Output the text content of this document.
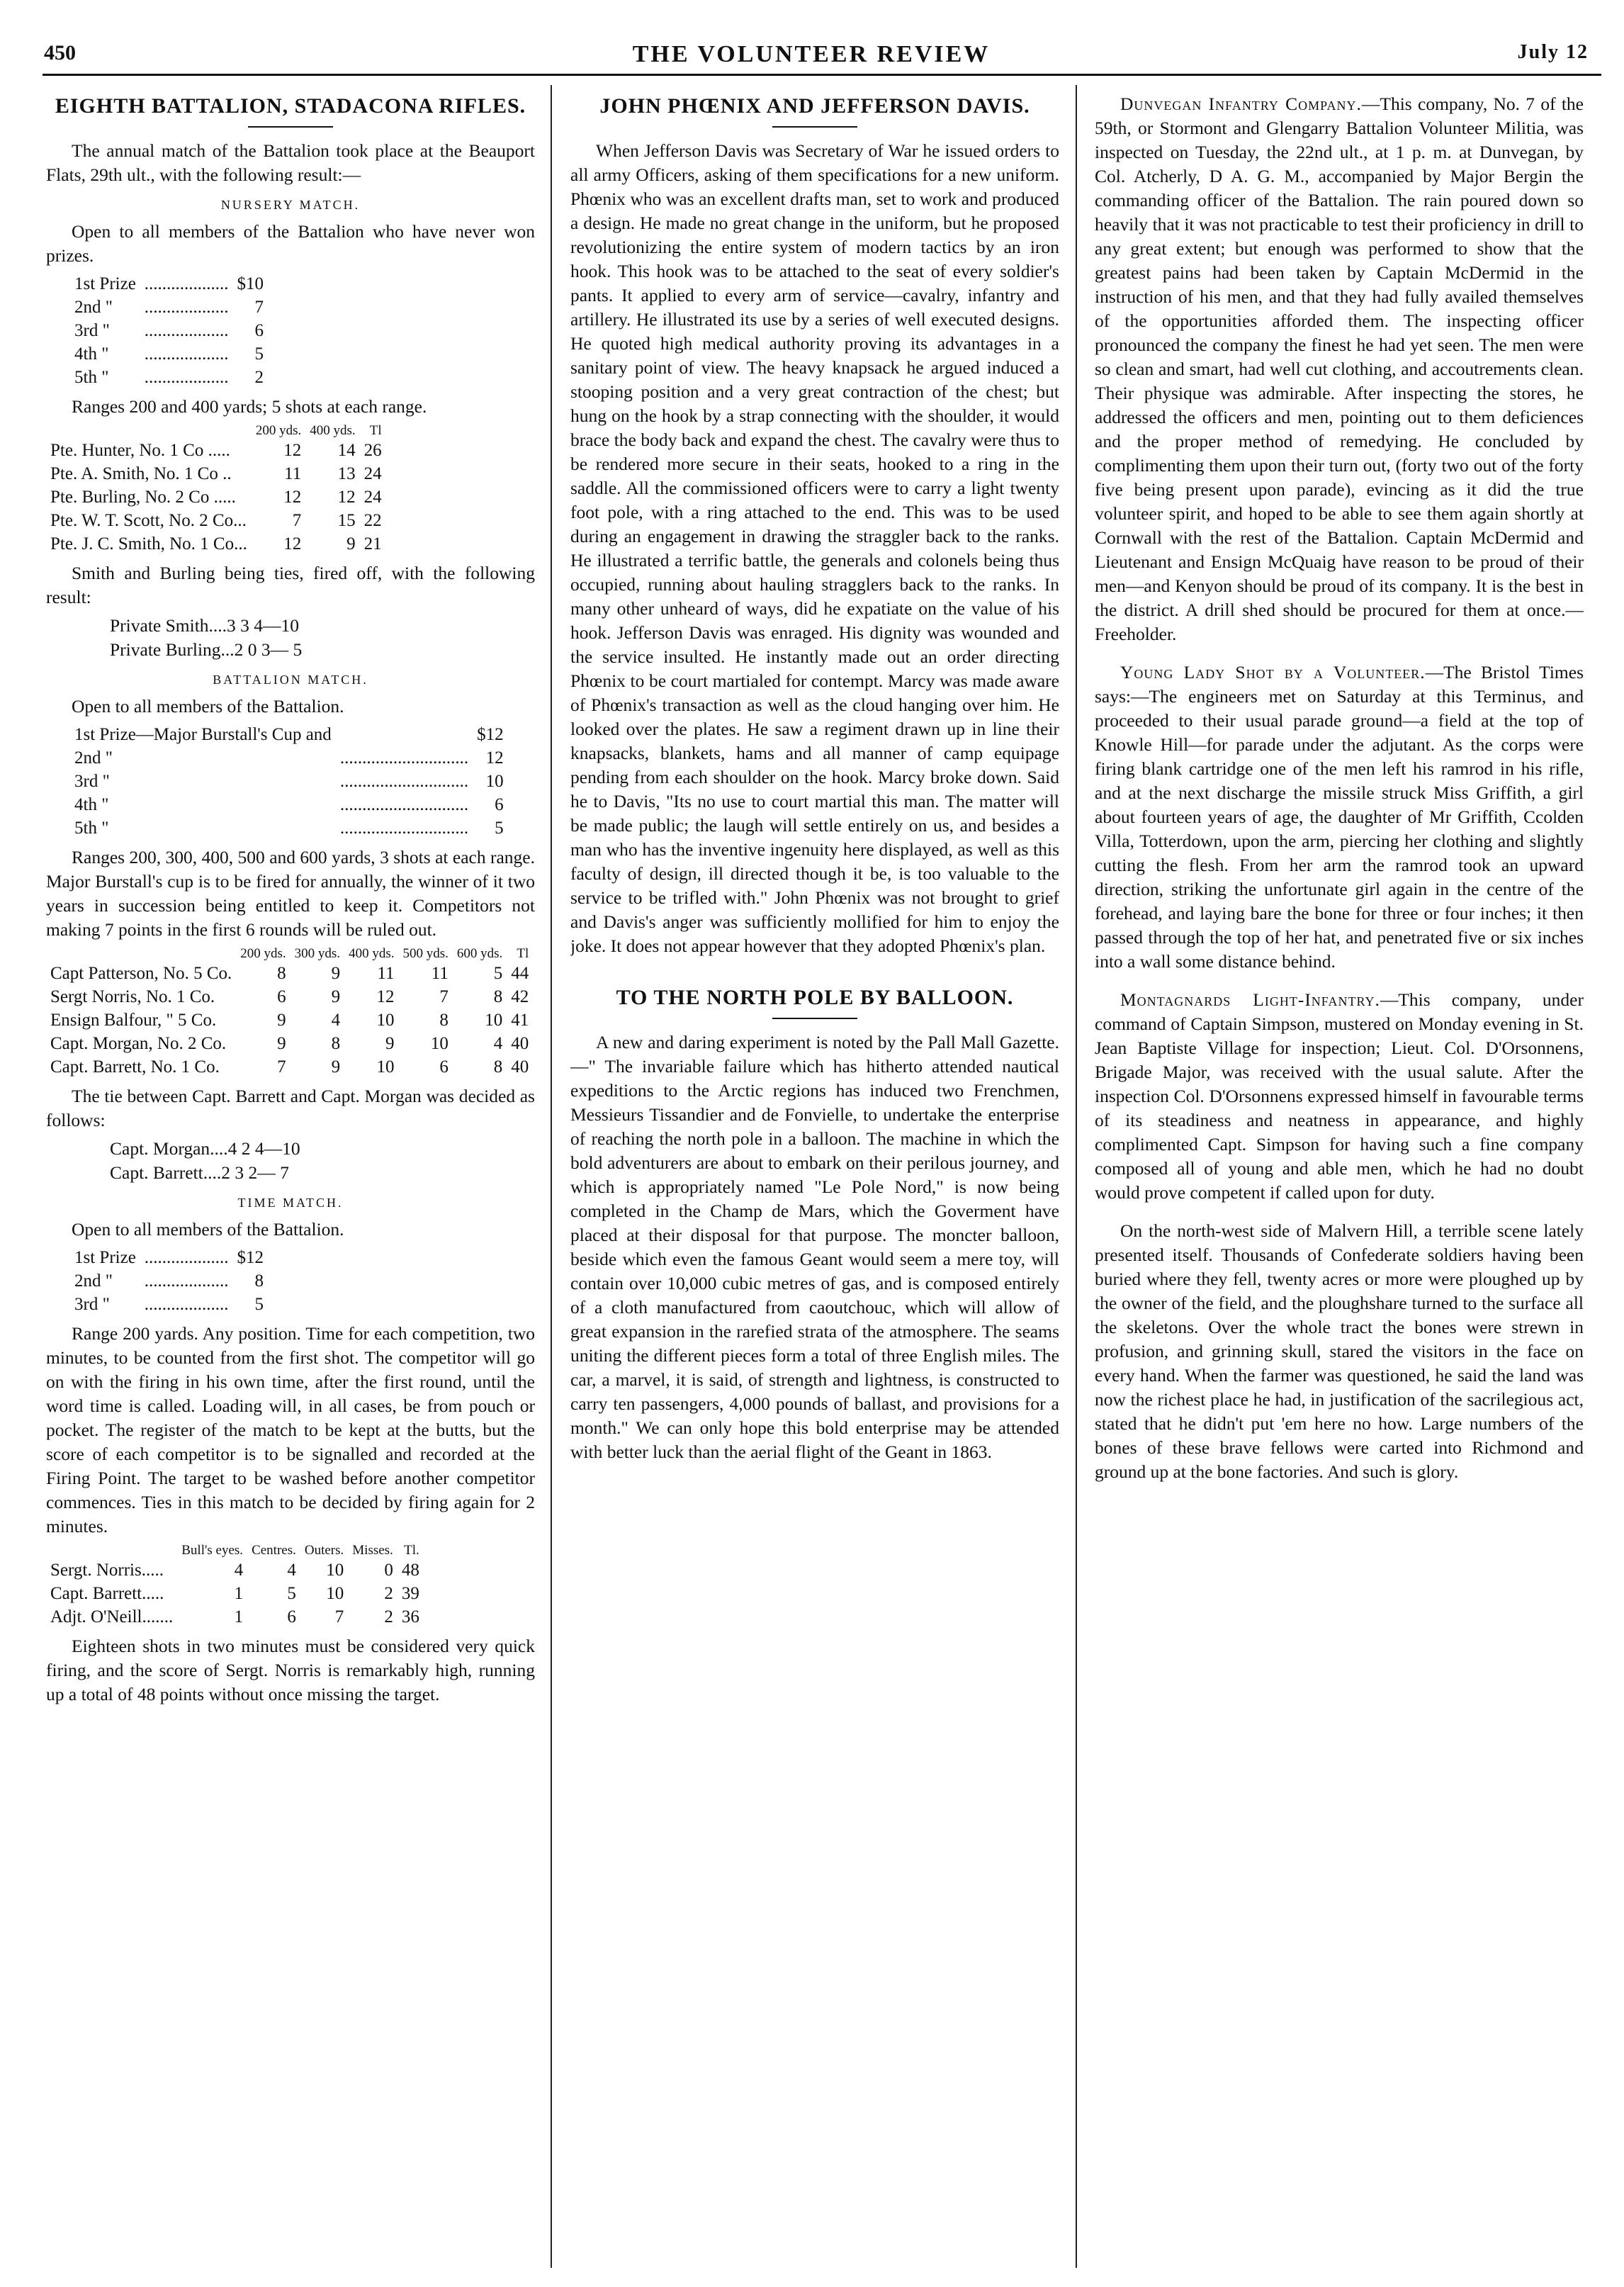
450	THE VOLUNTEER REVIEW	July 12
EIGHTH BATTALION, STADACONA RIFLES.

The annual match of the Battalion took place at the Beauport Flats, 29th ult., with the following result:—

NURSERY MATCH.

Open to all members of the Battalion who have never won prizes.

1st Prize	...................	$10
2nd "	...................	7
3rd "	...................	6
4th "	...................	5
5th "	...................	2

Ranges 200 and 400 yards; 5 shots at each range.

	200 yds.	400 yds.	Tl
Pte. Hunter, No. 1 Co .....	12	14	26
Pte. A. Smith, No. 1 Co ..	11	13	24
Pte. Burling, No. 2 Co .....	12	12	24
Pte. W. T. Scott, No. 2 Co...	7	15	22
Pte. J. C. Smith, No. 1 Co...	12	9	21

Smith and Burling being ties, fired off, with the following result:

Private Smith....3 3 4—10
Private Burling...2 0 3— 5
BATTALION MATCH.

Open to all members of the Battalion.

1st Prize—Major Burstall's Cup and		$12
2nd "	.............................	12
3rd "	.............................	10
4th "	.............................	6
5th "	.............................	5

Ranges 200, 300, 400, 500 and 600 yards, 3 shots at each range. Major Burstall's cup is to be fired for annually, the winner of it two years in succession being entitled to keep it. Competitors not making 7 points in the first 6 rounds will be ruled out.

	200 yds.	300 yds.	400 yds.	500 yds.	600 yds.	Tl
Capt Patterson, No. 5 Co.	8	9	11	11	5	44
Sergt Norris, No. 1 Co.	6	9	12	7	8	42
Ensign Balfour, " 5 Co.	9	4	10	8	10	41
Capt. Morgan, No. 2 Co.	9	8	9	10	4	40
Capt. Barrett, No. 1 Co.	7	9	10	6	8	40

The tie between Capt. Barrett and Capt. Morgan was decided as follows:

Capt. Morgan....4 2 4—10
Capt. Barrett....2 3 2— 7
TIME MATCH.

Open to all members of the Battalion.

1st Prize	...................	$12
2nd "	...................	8
3rd "	...................	5

Range 200 yards. Any position. Time for each competition, two minutes, to be counted from the first shot. The competitor will go on with the firing in his own time, after the first round, until the word time is called. Loading will, in all cases, be from pouch or pocket. The register of the match to be kept at the butts, but the score of each competitor is to be signalled and recorded at the Firing Point. The target to be washed before another competitor commences. Ties in this match to be decided by firing again for 2 minutes.

	Bull's eyes.	Centres.	Outers.	Misses.	Tl.
Sergt. Norris.....	4	4	10	0	48
Capt. Barrett.....	1	5	10	2	39
Adjt. O'Neill.......	1	6	7	2	36

Eighteen shots in two minutes must be considered very quick firing, and the score of Sergt. Norris is remarkably high, running up a total of 48 points without once missing the target.

JOHN PHŒNIX AND JEFFERSON DAVIS.

When Jefferson Davis was Secretary of War he issued orders to all army Officers, asking of them specifications for a new uniform. Phœnix who was an excellent drafts man, set to work and produced a design. He made no great change in the uniform, but he proposed revolutionizing the entire system of modern tactics by an iron hook. This hook was to be attached to the seat of every soldier's pants. It applied to every arm of service—cavalry, infantry and artillery. He illustrated its use by a series of well executed designs. He quoted high medical authority proving its advantages in a sanitary point of view. The heavy knapsack he argued induced a stooping position and a very great contraction of the chest; but hung on the hook by a strap connecting with the shoulder, it would brace the body back and expand the chest. The cavalry were thus to be rendered more secure in their seats, hooked to a ring in the saddle. All the commissioned officers were to carry a light twenty foot pole, with a ring attached to the end. This was to be used during an engagement in drawing the straggler back to the ranks. He illustrated a terrific battle, the generals and colonels being thus occupied, running about hauling stragglers back to the ranks. In many other unheard of ways, did he expatiate on the value of his hook. Jefferson Davis was enraged. His dignity was wounded and the service insulted. He instantly made out an order directing Phœnix to be court martialed for contempt. Marcy was made aware of Phœnix's transaction as well as the cloud hanging over him. He looked over the plates. He saw a regiment drawn up in line their knapsacks, blankets, hams and all manner of camp equipage pending from each shoulder on the hook. Marcy broke down. Said he to Davis, "Its no use to court martial this man. The matter will be made public; the laugh will settle entirely on us, and besides a man who has the inventive ingenuity here displayed, as well as this faculty of design, ill directed though it be, is too valuable to the service to be trifled with." John Phœnix was not brought to grief and Davis's anger was sufficiently mollified for him to enjoy the joke. It does not appear however that they adopted Phœnix's plan.

TO THE NORTH POLE BY BALLOON.

A new and daring experiment is noted by the Pall Mall Gazette.—" The invariable failure which has hitherto attended nautical expeditions to the Arctic regions has induced two Frenchmen, Messieurs Tissandier and de Fonvielle, to undertake the enterprise of reaching the north pole in a balloon. The machine in which the bold adventurers are about to embark on their perilous journey, and which is appropriately named "Le Pole Nord," is now being completed in the Champ de Mars, which the Goverment have placed at their disposal for that purpose. The moncter balloon, beside which even the famous Geant would seem a mere toy, will contain over 10,000 cubic metres of gas, and is composed entirely of a cloth manufactured from caoutchouc, which will allow of great expansion in the rarefied strata of the atmosphere. The seams uniting the different pieces form a total of three English miles. The car, a marvel, it is said, of strength and lightness, is constructed to carry ten passengers, 4,000 pounds of ballast, and provisions for a month." We can only hope this bold enterprise may be attended with better luck than the aerial flight of the Geant in 1863.

Dunvegan Infantry Company.—This company, No. 7 of the 59th, or Stormont and Glengarry Battalion Volunteer Militia, was inspected on Tuesday, the 22nd ult., at 1 p. m. at Dunvegan, by Col. Atcherly, D A. G. M., accompanied by Major Bergin the commanding officer of the Battalion. The rain poured down so heavily that it was not practicable to test their proficiency in drill to any great extent; but enough was performed to show that the greatest pains had been taken by Captain McDermid in the instruction of his men, and that they had fully availed themselves of the opportunities afforded them. The inspecting officer pronounced the company the finest he had yet seen. The men were so clean and smart, had well cut clothing, and accoutrements clean. Their physique was admirable. After inspecting the stores, he addressed the officers and men, pointing out to them deficiences and the proper method of remedying. He concluded by complimenting them upon their turn out, (forty two out of the forty five being present upon parade), evincing as it did the true volunteer spirit, and hoped to be able to see them again shortly at Cornwall with the rest of the Battalion. Captain McDermid and Lieutenant and Ensign McQuaig have reason to be proud of their men—and Kenyon should be proud of its company. It is the best in the district. A drill shed should be procured for them at once.—Freeholder.

Young Lady Shot by a Volunteer.—The Bristol Times says:—The engineers met on Saturday at this Terminus, and proceeded to their usual parade ground—a field at the top of Knowle Hill—for parade under the adjutant. As the corps were firing blank cartridge one of the men left his ramrod in his rifle, and at the next discharge the missile struck Miss Griffith, a girl about fourteen years of age, the daughter of Mr Griffith, Ccolden Villa, Totterdown, upon the arm, piercing her clothing and slightly cutting the flesh. From her arm the ramrod took an upward direction, striking the unfortunate girl again in the centre of the forehead, and laying bare the bone for three or four inches; it then passed through the top of her hat, and penetrated five or six inches into a wall some distance behind.

Montagnards Light-Infantry.—This company, under command of Captain Simpson, mustered on Monday evening in St. Jean Baptiste Village for inspection; Lieut. Col. D'Orsonnens, Brigade Major, was received with the usual salute. After the inspection Col. D'Orsonnens expressed himself in favourable terms of its steadiness and neatness in appearance, and highly complimented Capt. Simpson for having such a fine company composed all of young and able men, which he had no doubt would prove competent if called upon for duty.

On the north-west side of Malvern Hill, a terrible scene lately presented itself. Thousands of Confederate soldiers having been buried where they fell, twenty acres or more were ploughed up by the owner of the field, and the ploughshare turned to the surface all the skeletons. Over the whole tract the bones were strewn in profusion, and grinning skull, stared the visitors in the face on every hand. When the farmer was questioned, he said the land was now the richest place he had, in justification of the sacrilegious act, stated that he didn't put 'em here no how. Large numbers of the bones of these brave fellows were carted into Richmond and ground up at the bone factories. And such is glory.
